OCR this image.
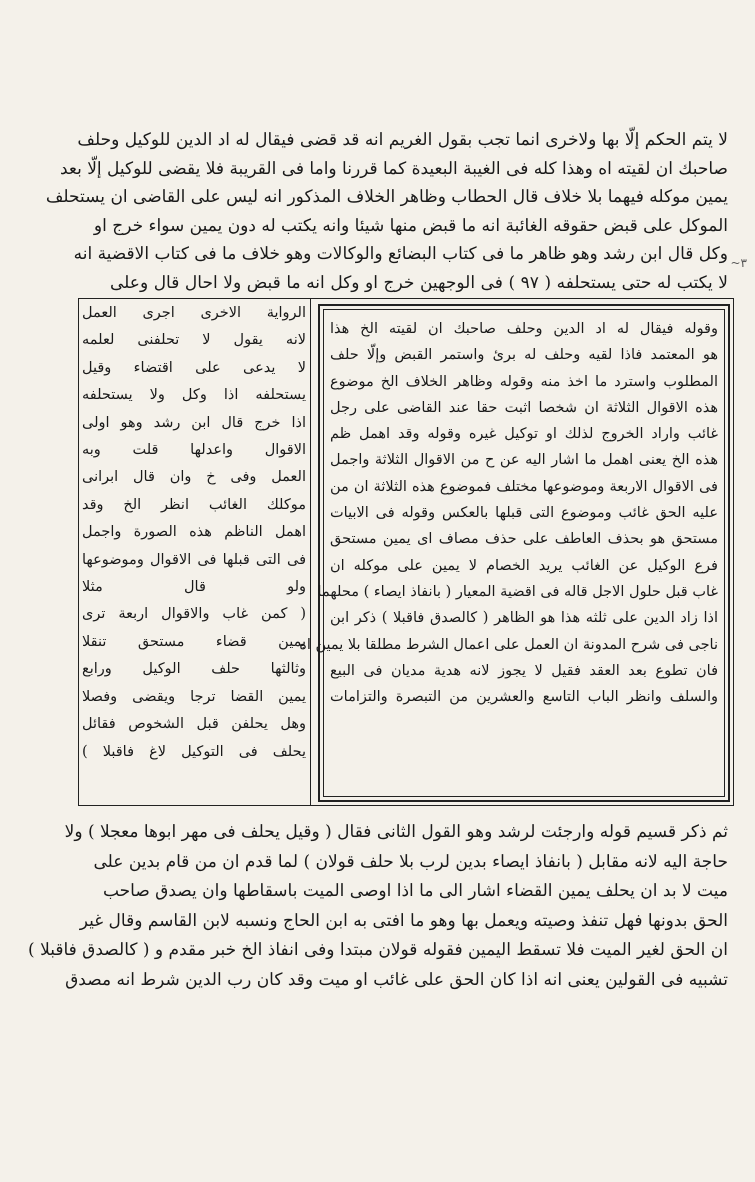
~٣
لا يتم الحكم إلّا بها ولاخرى انما تجب بقول الغريم انه قد قضى فيقال له اد الدين للوكيل وحلف
صاحبك ان لقيته اه وهذا كله فى الغيبة البعيدة كما قررنا واما فى القريبة فلا يقضى للوكيل إلّا بعد
يمين موكله فيهما بلا خلاف قال الحطاب وظاهر الخلاف المذكور انه ليس على القاضى ان يستحلف
الموكل على قبض حقوقه الغائبة انه ما قبض منها شيئا وانه يكتب له دون يمين سواء خرج او
وكل قال ابن رشد وهو ظاهر ما فى كتاب البضائع والوكالات وهو خلاف ما فى كتاب الاقضية انه
لا يكتب له حتى يستحلفه ( ٩٧ ) فى الوجهين خرج او وكل انه ما قبض ولا احال قال وعلى
وقوله فيقال له اد الدين وحلف صاحبك ان لقيته الخ هذا
هو المعتمد فاذا لقيه وحلف له برئ واستمر القبض وإلّا حلف
المطلوب واسترد ما اخذ منه وقوله وظاهر الخلاف الخ موضوع
هذه الاقوال الثلاثة ان شخصا اثبت حقا عند القاضى على رجل
غائب واراد الخروج لذلك او توكيل غيره وقوله وقد اهمل ظم
هذه الخ يعنى اهمل ما اشار اليه عن ح من الاقوال الثلاثة واجمل
فى الاقوال الاربعة وموضوعها مختلف فموضوع هذه الثلاثة ان من
عليه الحق غائب وموضوع التى قبلها بالعكس وقوله فى الابيات
مستحق هو بحذف العاطف على حذف مصاف اى يمين مستحق
فرع الوكيل عن الغائب يريد الخصام لا يمين على موكله ان
غاب قبل حلول الاجل قاله فى اقضية المعيار ( بانفاذ ايصاء ) محلهما
اذا زاد الدين على ثلثه هذا هو الظاهر ( كالصدق فاقبلا ) ذكر ابن
ناجى فى شرح المدونة ان العمل على اعمال الشرط مطلقا بلا يمين اه
فان تطوع بعد العقد فقيل لا يجوز لانه هدية مديان فى البيع
والسلف وانظر الباب التاسع والعشرين من التبصرة والتزامات
الرواية الاخرى اجرى العمل
لانه يقول لا تحلفنى لعلمه
لا يدعى على اقتضاء وقيل
يستحلفه اذا وكل ولا يستحلفه
اذا خرج قال ابن رشد وهو اولى
الاقوال واعدلها قلت وبه
العمل وفى خ وان قال ابرانى
موكلك الغائب انظر الخ وقد
اهمل الناظم هذه الصورة واجمل
فى التى قبلها فى الاقوال وموضوعها
ولو قال مثلا
( كمن غاب والاقوال اربعة ترى
يمين قضاء مستحق تنقلا
وثالثها حلف الوكيل ورابع
يمين القضا ترجا ويقضى وفصلا
وهل يحلفن قبل الشخوص فقائل
يحلف فى التوكيل لاغ فاقبلا )
ثم ذكر قسيم قوله وارجئت لرشد وهو القول الثانى فقال ( وقيل يحلف فى مهر ابوها معجلا ) ولا
حاجة اليه لانه مقابل ( بانفاذ ايصاء بدين لرب بلا حلف قولان ) لما قدم ان من قام بدين على
ميت لا بد ان يحلف يمين القضاء اشار الى ما اذا اوصى الميت باسقاطها وان يصدق صاحب
الحق بدونها فهل تنفذ وصيته ويعمل بها وهو ما افتى به ابن الحاج ونسبه لابن القاسم وقال غير
ان الحق لغير الميت فلا تسقط اليمين فقوله قولان مبتدا وفى انفاذ الخ خبر مقدم و ( كالصدق فاقبلا )
تشبيه فى القولين يعنى انه اذا كان الحق على غائب او ميت وقد كان رب الدين شرط انه مصدق
